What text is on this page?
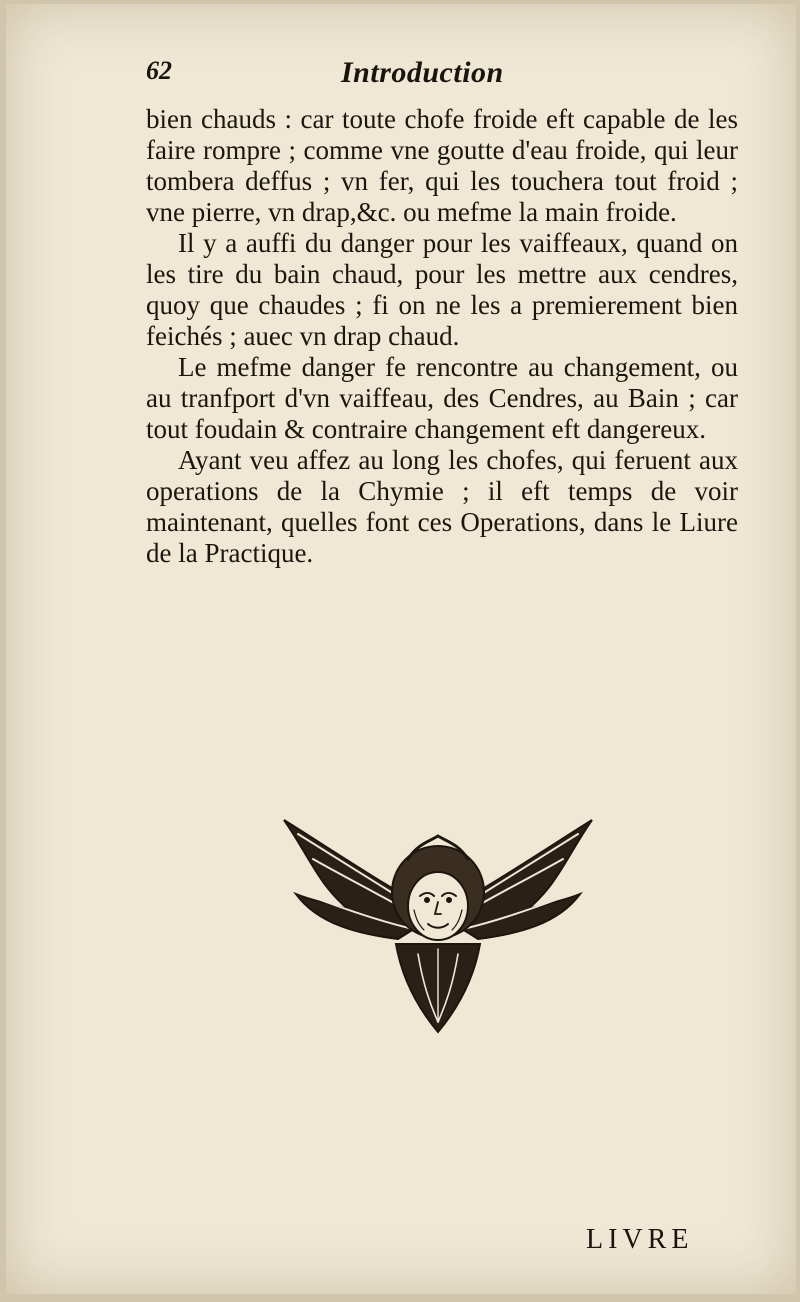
62	Introduction

bien chauds : car toute chofe froide eft capable de les faire rompre ; comme vne goutte d'eau froide, qui leur tombera deffus ; vn fer, qui les touchera tout froid ; vne pierre, vn drap,&c. ou mefme la main froide.

Il y a auffi du danger pour les vaiffeaux, quand on les tire du bain chaud, pour les mettre aux cendres, quoy que chaudes ; fi on ne les a premierement bien feichés ; auec vn drap chaud.

Le mefme danger fe rencontre au changement, ou au tranfport d'vn vaiffeau, des Cendres, au Bain ; car tout foudain & contraire changement eft dangereux.

Ayant veu affez au long les chofes, qui feruent aux operations de la Chymie ; il eft temps de voir maintenant, quelles font ces Operations, dans le Liure de la Practique.

LIVRE
